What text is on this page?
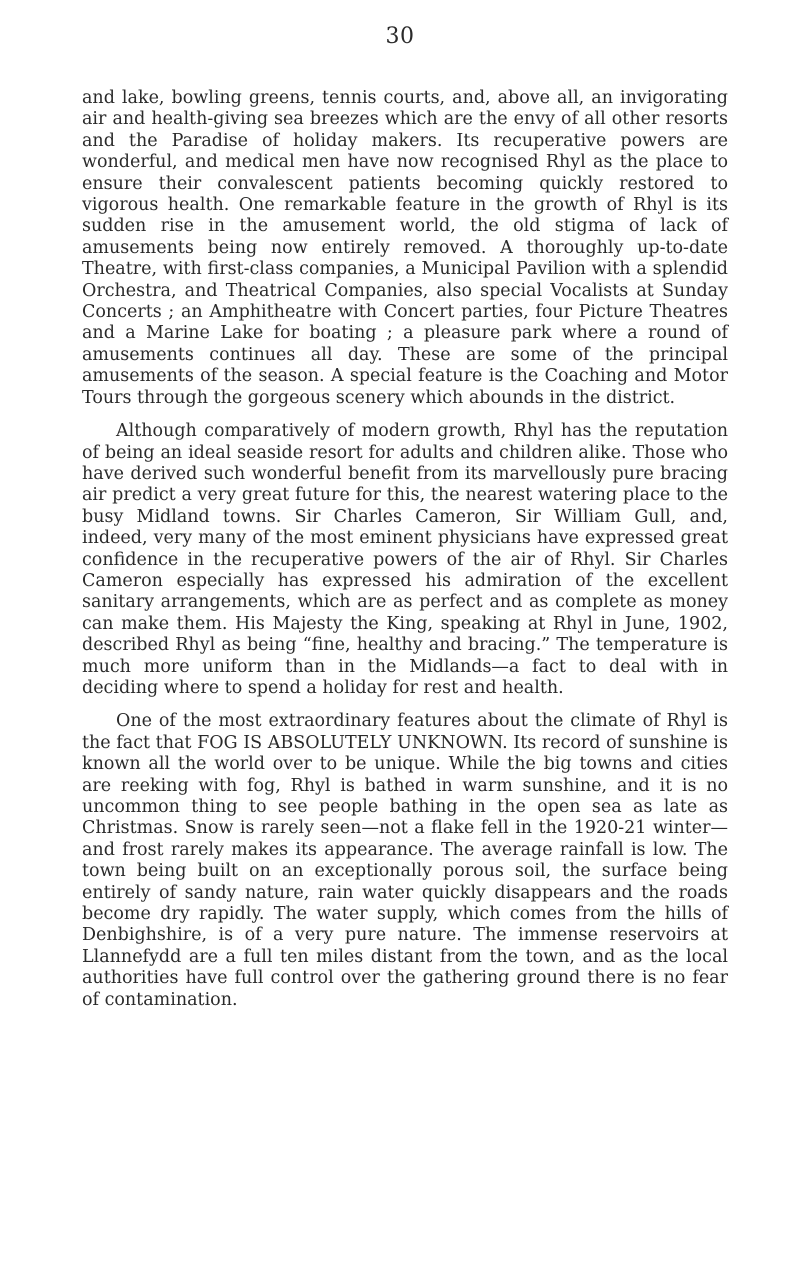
30

and lake, bowling greens, tennis courts, and, above all, an invigorating air and health-giving sea breezes which are the envy of all other resorts and the Paradise of holiday makers. Its recuperative powers are wonderful, and medical men have now recognised Rhyl as the place to ensure their convalescent patients becoming quickly restored to vigorous health. One remarkable feature in the growth of Rhyl is its sudden rise in the amusement world, the old stigma of lack of amusements being now entirely removed. A thoroughly up-to-date Theatre, with first-class companies, a Municipal Pavilion with a splendid Orchestra, and Theatrical Companies, also special Vocalists at Sunday Concerts ; an Amphitheatre with Concert parties, four Picture Theatres and a Marine Lake for boating ; a pleasure park where a round of amusements continues all day. These are some of the principal amusements of the season. A special feature is the Coaching and Motor Tours through the gorgeous scenery which abounds in the district.

Although comparatively of modern growth, Rhyl has the reputation of being an ideal seaside resort for adults and children alike. Those who have derived such wonderful benefit from its marvellously pure bracing air predict a very great future for this, the nearest watering place to the busy Midland towns. Sir Charles Cameron, Sir William Gull, and, indeed, very many of the most eminent physicians have expressed great confidence in the recuperative powers of the air of Rhyl. Sir Charles Cameron especially has expressed his admiration of the excellent sanitary arrangements, which are as perfect and as complete as money can make them. His Majesty the King, speaking at Rhyl in June, 1902, described Rhyl as being “fine, healthy and bracing.” The temperature is much more uniform than in the Midlands—a fact to deal with in deciding where to spend a holiday for rest and health.

One of the most extraordinary features about the climate of Rhyl is the fact that FOG IS ABSOLUTELY UNKNOWN. Its record of sunshine is known all the world over to be unique. While the big towns and cities are reeking with fog, Rhyl is bathed in warm sunshine, and it is no uncommon thing to see people bathing in the open sea as late as Christmas. Snow is rarely seen—not a flake fell in the 1920-21 winter—and frost rarely makes its appearance. The average rainfall is low. The town being built on an exceptionally porous soil, the surface being entirely of sandy nature, rain water quickly disappears and the roads become dry rapidly. The water supply, which comes from the hills of Denbighshire, is of a very pure nature. The immense reservoirs at Llannefydd are a full ten miles distant from the town, and as the local authorities have full control over the gathering ground there is no fear of contamination.
